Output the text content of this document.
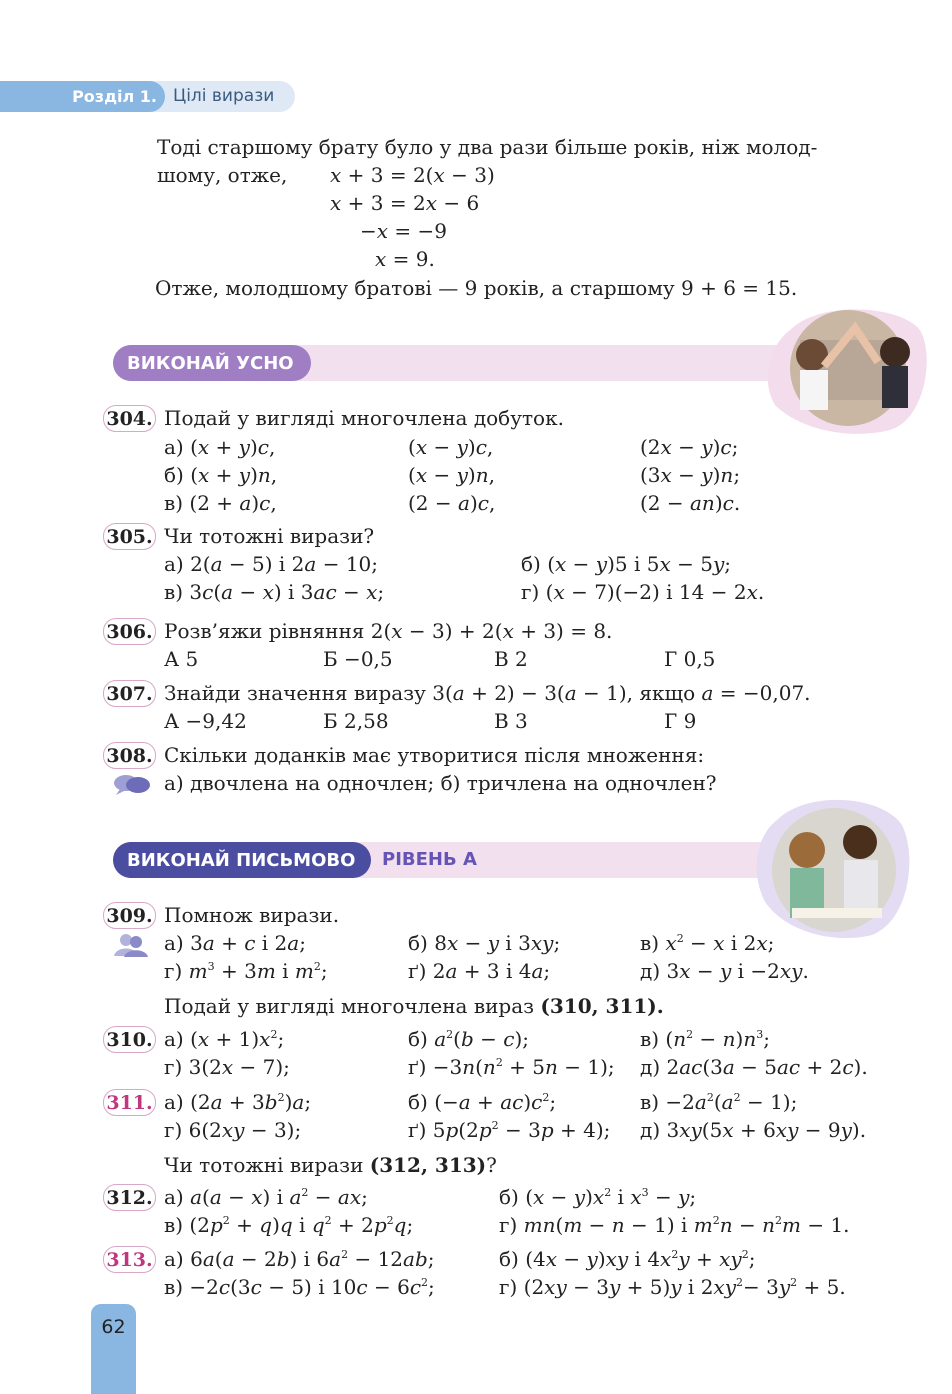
Розділ 1. Цілі вирази
Тоді старшому брату було у два рази більше років, ніж молод-
шому, отже, x + 3 = 2(x − 3)
x + 3 = 2x − 6
−x = −9
x = 9.
Отже, молодшому братові — 9 років, а старшому 9 + 6 = 15.
ВИКОНАЙ УСНО
304. Подай у вигляді многочлена добуток.
а) (x + y)c,	(x − y)c,	(2x − y)c;
б) (x + y)n,	(x − y)n,	(3x − y)n;
в) (2 + a)c,	(2 − a)c,	(2 − an)c.
305. Чи тотожні вирази?
а) 2(a − 5) і 2a − 10;	б) (x − y)5 і 5x − 5y;
в) 3c(a − x) і 3ac − x;	г) (x − 7)(−2) і 14 − 2x.
306. Розв’яжи рівняння 2(x − 3) + 2(x + 3) = 8.
А 5	Б −0,5	В 2	Г 0,5
307. Знайди значення виразу 3(a + 2) − 3(a − 1), якщо a = −0,07.
А −9,42	Б 2,58	В 3	Г 9
308. Скільки доданків має утворитися після множення:
а) двочлена на одночлен; б) тричлена на одночлен?
ВИКОНАЙ ПИСЬМОВО	РІВЕНЬ А
309. Помнож вирази.
а) 3a + c і 2a;	б) 8x − y і 3xy;	в) $x^2 - x$ і 2x;
г) $m^3 + 3m$ і $m^2$;	ґ) 2a + 3 і 4a;	д) 3x − y і −2xy.
Подай у вигляді многочлена вираз (310, 311).
310. а) $(x + 1)x^2$;	б) $a^2(b - c)$;	в) $(n^2 - n)n^3$;
г) 3(2x − 7);	$ґ) -3n(n^2 + 5n - 1)$; д) 2ac(3a − 5ac + 2c).
311. а) $(2a + 3b^2)a$;	б) $(-a + ac)c^2$;	$в) -2a^2(a^2 - 1)$;
г) 6(2xy − 3);	ґ) $5p(2p^2 - 3p + 4)$; д) 3xy(5x + 6xy − 9y).
Чи тотожні вирази (312, 313)?
312. а) a(a − x) і $a^2$ − ax;	б) $(x - y)x^2$ і $x^3 - y$;
в) $(2p^2 + q)q$ і $q^2 + 2p^2q$;	г) mn(m − n − 1) і $m^2n - n^2m - 1$.
313. а) 6a(a − 2b) і $6a^2 - 12ab$;	б) (4x − y)xy і $4x^2y + xy^2$;
в) −2c(3c − 5) і $10c - 6c^2$;	г) (2xy − 3y + 5)y і $2xy^2- 3y^2 + 5$.
62
